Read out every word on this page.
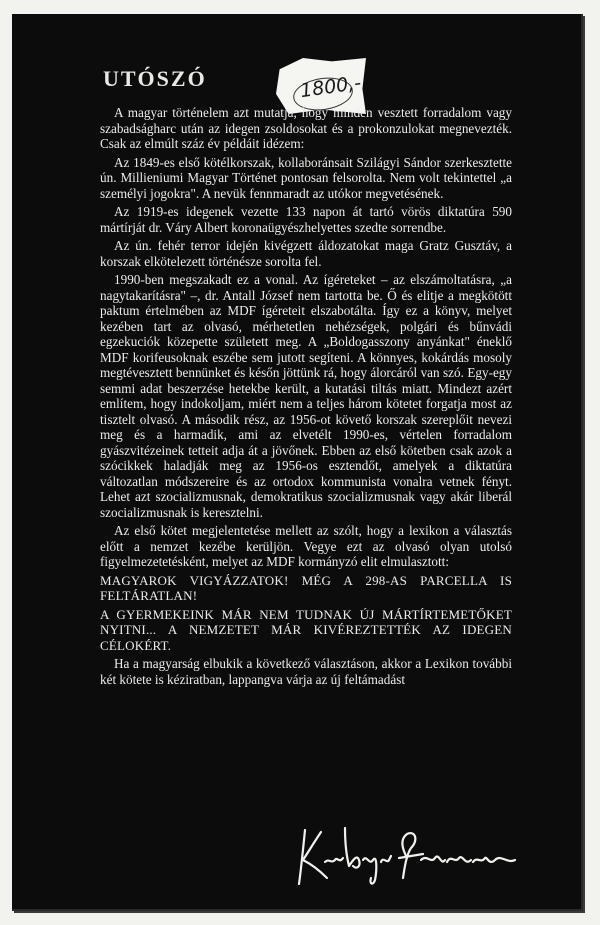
UTÓSZÓ	1800,-

A magyar történelem azt mutatja, hogy minden vesztett forradalom vagy szabadságharc után az idegen zsoldosokat és a prokonzulokat megnevezték. Csak az elmúlt száz év példáit idézem:

Az 1849-es első kötélkorszak, kollaboránsait Szilágyi Sándor szerkesztette ún. Millieniumi Magyar Történet pontosan felsorolta. Nem volt tekintettel „a személyi jogokra". A nevük fennmaradt az utókor megvetésének.

Az 1919-es idegenek vezette 133 napon át tartó vörös diktatúra 590 mártírját dr. Váry Albert koronaügyészhelyettes szedte sorrendbe.

Az ún. fehér terror idején kivégzett áldozatokat maga Gratz Gusztáv, a korszak elkötelezett történésze sorolta fel.

1990-ben megszakadt ez a vonal. Az ígéreteket – az elszámoltatásra, „a nagytakarításra" –, dr. Antall József nem tartotta be. Ő és elitje a megkötött paktum értelmében az MDF ígéreteit elszabotálta. Így ez a könyv, melyet kezében tart az olvasó, mérhetetlen nehézségek, polgári és bűnvádi egzekuciók közepette született meg. A „Boldogasszony anyánkat" éneklő MDF korifeusoknak eszébe sem jutott segíteni. A könnyes, kokárdás mosoly megtévesztett bennünket és későn jöttünk rá, hogy álorcáról van szó. Egy-egy semmi adat beszerzése hetekbe került, a kutatási tiltás miatt. Mindezt azért említem, hogy indokoljam, miért nem a teljes három kötetet forgatja most az tisztelt olvasó. A második rész, az 1956-ot követő korszak szereplőit nevezi meg és a harmadik, ami az elvetélt 1990-es, vértelen forradalom gyászvitézeinek tetteit adja át a jövőnek. Ebben az első kötetben csak azok a szócikkek haladják meg az 1956-os esztendőt, amelyek a diktatúra változatlan módszereire és az ortodox kommunista vonalra vetnek fényt. Lehet azt szocializmusnak, demokratikus szocializmusnak vagy akár liberál szocializmusnak is keresztelni.

Az első kötet megjelentetése mellett az szólt, hogy a lexikon a választás előtt a nemzet kezébe kerüljön. Vegye ezt az olvasó olyan utolsó figyelmezetetésként, melyet az MDF kormányzó elit elmulasztott:

MAGYAROK VIGYÁZZATOK! MÉG A 298-AS PARCELLA IS FELTÁRATLAN!

A GYERMEKEINK MÁR NEM TUDNAK ÚJ MÁRTÍRTEMETŐKET NYITNI... A NEMZETET MÁR KIVÉREZTETTÉK AZ IDEGEN CÉLOKÉRT.

Ha a magyarság elbukik a következő választáson, akkor a Lexikon további két kötete is kéziratban, lappangva várja az új feltámadást
